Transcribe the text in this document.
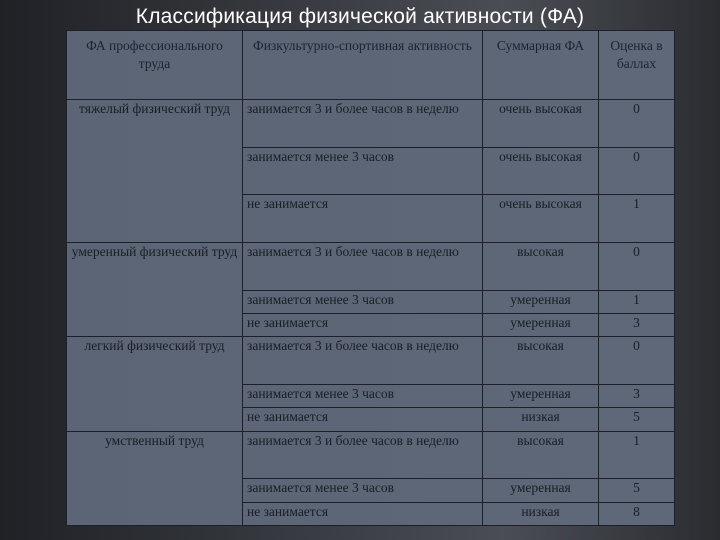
Классификация физической активности (ФА)
ФА профессионального труда	Физкультурно-спортивная активность	Суммарная ФА	Оценка в баллах
тяжелый физический труд	занимается 3 и более часов в неделю	очень высокая	0
	занимается менее 3 часов	очень высокая	0
	не занимается	очень высокая	1
умеренный физический труд	занимается 3 и более часов в неделю	высокая	0
	занимается менее 3 часов	умеренная	1
	не занимается	умеренная	3
легкий физический труд	занимается 3 и более часов в неделю	высокая	0
	занимается менее 3 часов	умеренная	3
	не занимается	низкая	5
умственный труд	занимается 3 и более часов в неделю	высокая	1
	занимается менее 3 часов	умеренная	5
	не занимается	низкая	8
